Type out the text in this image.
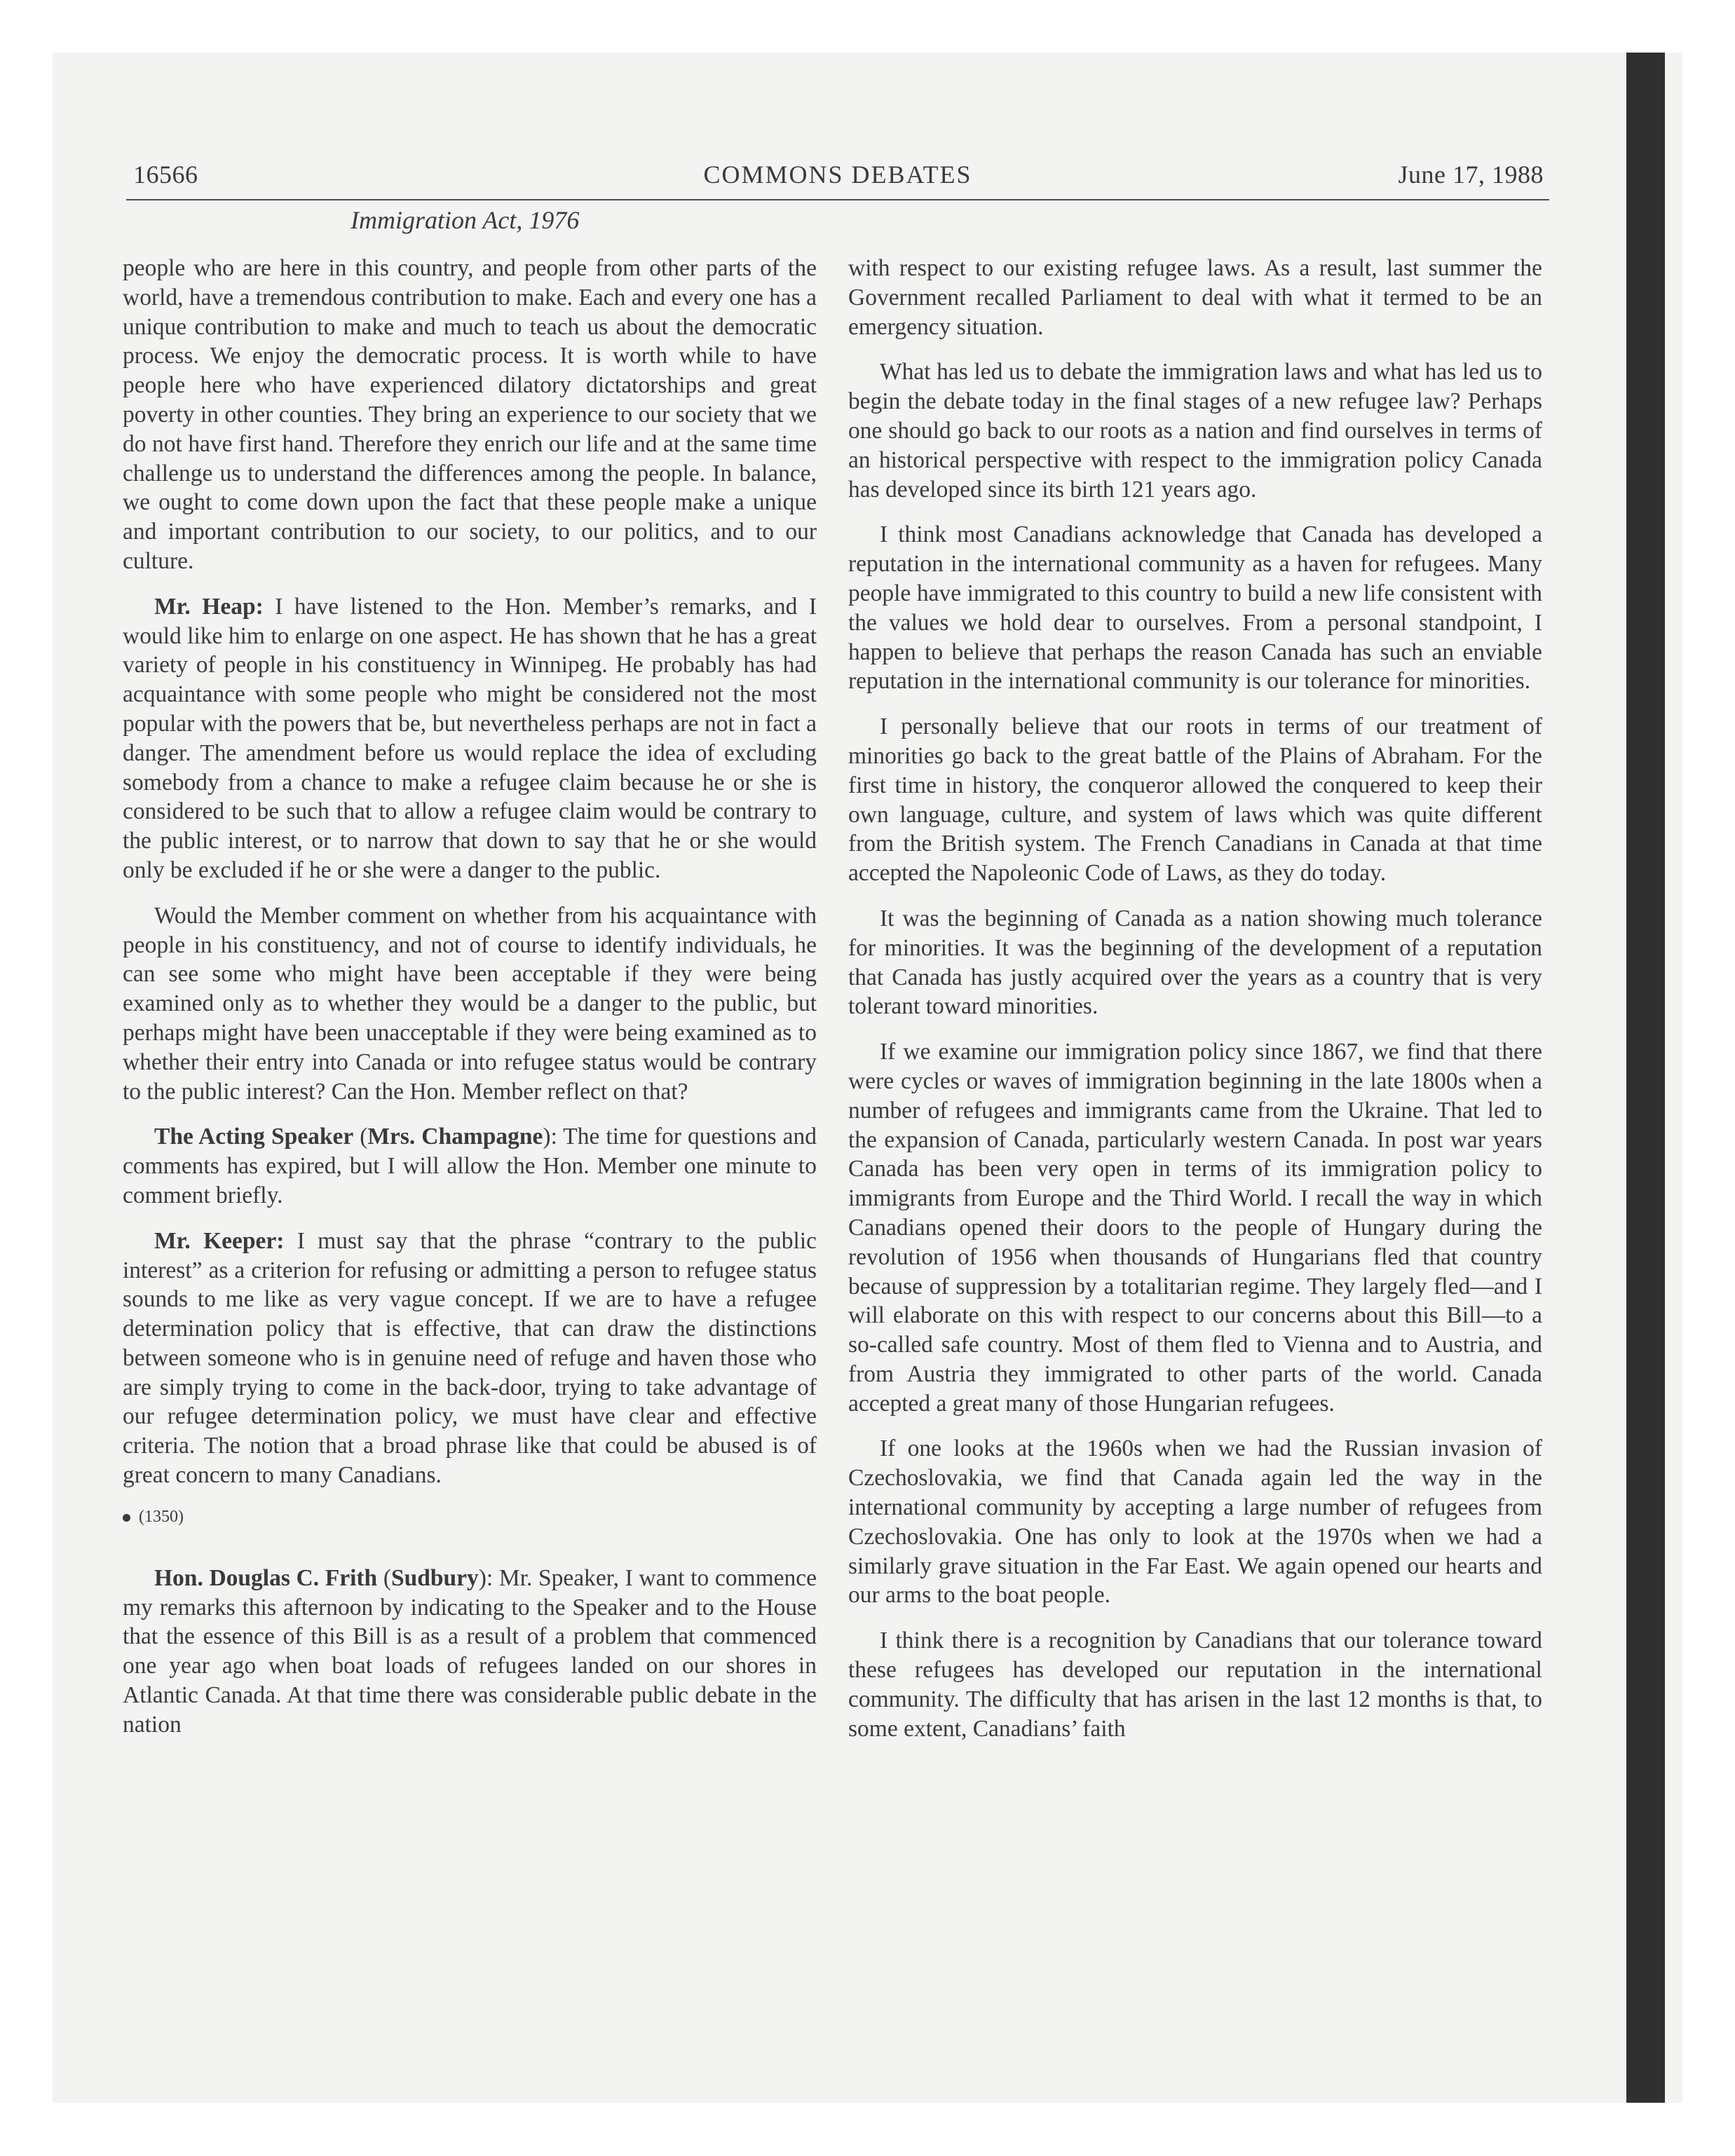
16566	COMMONS DEBATES	June 17, 1988
Immigration Act, 1976

people who are here in this country, and people from other parts of the world, have a tremendous contribution to make. Each and every one has a unique contribution to make and much to teach us about the democratic process. We enjoy the democratic process. It is worth while to have people here who have experienced dilatory dictatorships and great poverty in other counties. They bring an experience to our society that we do not have first hand. Therefore they enrich our life and at the same time challenge us to understand the differences among the people. In balance, we ought to come down upon the fact that these people make a unique and important contribution to our society, to our politics, and to our culture.

Mr. Heap: I have listened to the Hon. Member’s remarks, and I would like him to enlarge on one aspect. He has shown that he has a great variety of people in his constituency in Winnipeg. He probably has had acquaintance with some people who might be considered not the most popular with the powers that be, but nevertheless perhaps are not in fact a danger. The amendment before us would replace the idea of excluding somebody from a chance to make a refugee claim because he or she is considered to be such that to allow a refugee claim would be contrary to the public interest, or to narrow that down to say that he or she would only be excluded if he or she were a danger to the public.

Would the Member comment on whether from his acquaintance with people in his constituency, and not of course to identify individuals, he can see some who might have been acceptable if they were being examined only as to whether they would be a danger to the public, but perhaps might have been unacceptable if they were being examined as to whether their entry into Canada or into refugee status would be contrary to the public interest? Can the Hon. Member reflect on that?

The Acting Speaker (Mrs. Champagne): The time for questions and comments has expired, but I will allow the Hon. Member one minute to comment briefly.

Mr. Keeper: I must say that the phrase “contrary to the public interest” as a criterion for refusing or admitting a person to refugee status sounds to me like as very vague concept. If we are to have a refugee determination policy that is effective, that can draw the distinctions between someone who is in genuine need of refuge and haven those who are simply trying to come in the back-door, trying to take advantage of our refugee determination policy, we must have clear and effective criteria. The notion that a broad phrase like that could be abused is of great concern to many Canadians.

(1350)

Hon. Douglas C. Frith (Sudbury): Mr. Speaker, I want to commence my remarks this afternoon by indicating to the Speaker and to the House that the essence of this Bill is as a result of a problem that commenced one year ago when boat loads of refugees landed on our shores in Atlantic Canada. At that time there was considerable public debate in the nation

with respect to our existing refugee laws. As a result, last summer the Government recalled Parliament to deal with what it termed to be an emergency situation.

What has led us to debate the immigration laws and what has led us to begin the debate today in the final stages of a new refugee law? Perhaps one should go back to our roots as a nation and find ourselves in terms of an historical perspective with respect to the immigration policy Canada has developed since its birth 121 years ago.

I think most Canadians acknowledge that Canada has developed a reputation in the international community as a haven for refugees. Many people have immigrated to this country to build a new life consistent with the values we hold dear to ourselves. From a personal standpoint, I happen to believe that perhaps the reason Canada has such an enviable reputation in the international community is our tolerance for minorities.

I personally believe that our roots in terms of our treatment of minorities go back to the great battle of the Plains of Abraham. For the first time in history, the conqueror allowed the conquered to keep their own language, culture, and system of laws which was quite different from the British system. The French Canadians in Canada at that time accepted the Napoleonic Code of Laws, as they do today.

It was the beginning of Canada as a nation showing much tolerance for minorities. It was the beginning of the development of a reputation that Canada has justly acquired over the years as a country that is very tolerant toward minorities.

If we examine our immigration policy since 1867, we find that there were cycles or waves of immigration beginning in the late 1800s when a number of refugees and immigrants came from the Ukraine. That led to the expansion of Canada, particularly western Canada. In post war years Canada has been very open in terms of its immigration policy to immigrants from Europe and the Third World. I recall the way in which Canadians opened their doors to the people of Hungary during the revolution of 1956 when thousands of Hungarians fled that country because of suppression by a totalitarian regime. They largely fled—and I will elaborate on this with respect to our concerns about this Bill—to a so-called safe country. Most of them fled to Vienna and to Austria, and from Austria they immigrated to other parts of the world. Canada accepted a great many of those Hungarian refugees.

If one looks at the 1960s when we had the Russian invasion of Czechoslovakia, we find that Canada again led the way in the international community by accepting a large number of refugees from Czechoslovakia. One has only to look at the 1970s when we had a similarly grave situation in the Far East. We again opened our hearts and our arms to the boat people.

I think there is a recognition by Canadians that our tolerance toward these refugees has developed our reputation in the international community. The difficulty that has arisen in the last 12 months is that, to some extent, Canadians’ faith
